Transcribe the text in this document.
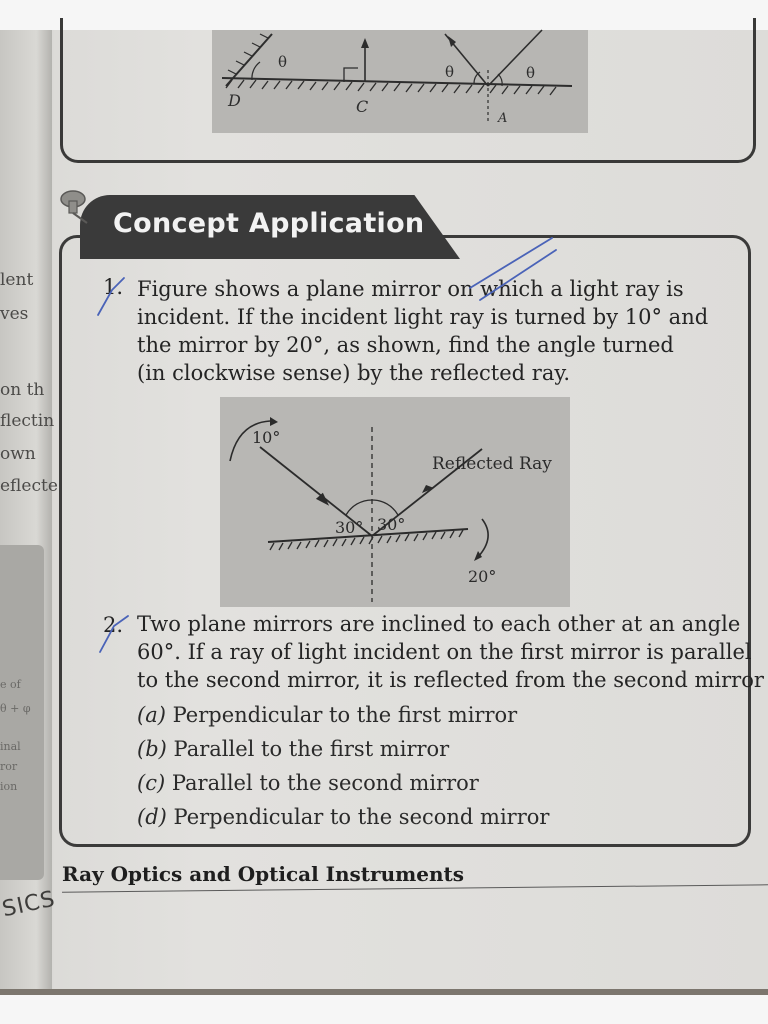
lent
ves
on th
flectin
own
eflecte
e of
θ + φ
inal
ror
ion
θ
θ	θ
D	C
A
Concept Application
1. Figure shows a plane mirror on which a light ray is
incident. If the incident light ray is turned by 10° and
the mirror by 20°, as shown, find the angle turned
(in clockwise sense) by the reflected ray.
10°
Reflected Ray
30° 30°
20°
2. Two plane mirrors are inclined to each other at an angle
60°. If a ray of light incident on the first mirror is parallel
to the second mirror, it is reflected from the second mirror
(a) Perpendicular to the first mirror
(b) Parallel to the first mirror
(c) Parallel to the second mirror
(d) Perpendicular to the second mirror
Ray Optics and Optical Instruments
SICS
